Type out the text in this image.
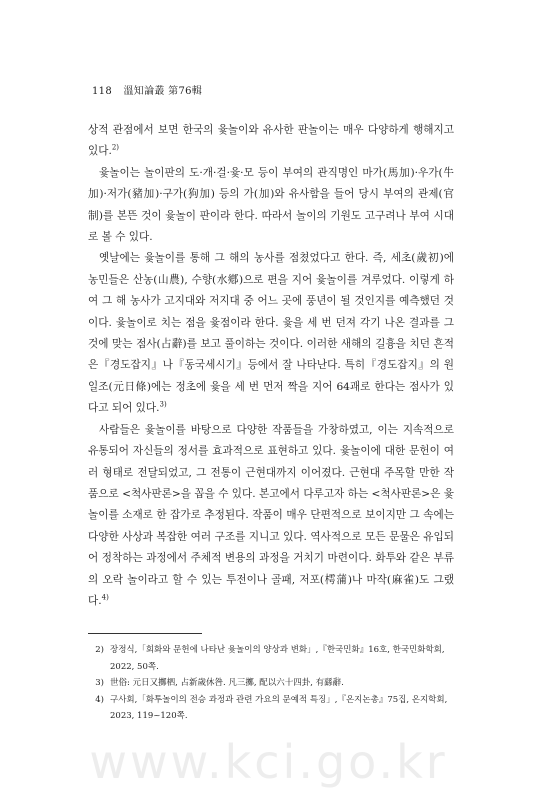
118 溫知論叢 第76輯

상적 관점에서 보면 한국의 윷놀이와 유사한 판놀이는 매우 다양하게 행해지고 있다.$^{2)}$

윷놀이는 놀이판의 도·개·걸·윷·모 등이 부여의 관직명인 마가(馬加)·우가(牛加)·저가(豬加)·구가(狗加) 등의 가(加)와 유사함을 들어 당시 부여의 관제(官制)를 본뜬 것이 윷놀이 판이라 한다. 따라서 놀이의 기원도 고구려나 부여 시대로 볼 수 있다.

옛날에는 윷놀이를 통해 그 해의 농사를 점쳤었다고 한다. 즉, 세초(歲初)에 농민들은 산농(山農), 수향(水鄕)으로 편을 지어 윷놀이를 겨루었다. 이렇게 하여 그 해 농사가 고지대와 저지대 중 어느 곳에 풍년이 될 것인지를 예측했던 것이다. 윷놀이로 치는 점을 윷점이라 한다. 윷을 세 번 던져 각기 나온 결과를 그것에 맞는 점사(占辭)를 보고 풀이하는 것이다. 이러한 새해의 길흉을 치던 흔적은『경도잡지』나『동국세시기』등에서 잘 나타난다. 특히『경도잡지』의 원일조(元日條)에는 정초에 윷을 세 번 먼저 짝을 지어 64괘로 한다는 점사가 있다고 되어 있다.$^{3)}$

사람들은 윷놀이를 바탕으로 다양한 작품들을 가창하였고, 이는 지속적으로 유통되어 자신들의 정서를 효과적으로 표현하고 있다. 윷놀이에 대한 문헌이 여러 형태로 전달되었고, 그 전통이 근현대까지 이어졌다. 근현대 주목할 만한 작품으로 <척사판론>을 꼽을 수 있다. 본고에서 다루고자 하는 <척사판론>은 윷놀이를 소재로 한 잡가로 추정된다. 작품이 매우 단편적으로 보이지만 그 속에는 다양한 사상과 복잡한 여러 구조를 지니고 있다. 역사적으로 모든 문물은 유입되어 정착하는 과정에서 주체적 변용의 과정을 거치기 마련이다. 화투와 같은 부류의 오락 놀이라고 할 수 있는 투전이나 골패, 저포(樗蒲)나 마작(麻雀)도 그랬다.$^{4)}$

2) 장정식,「회화와 문헌에 나타난 윷놀이의 양상과 변화」,『한국민화』16호, 한국민화학회, 2022, 50쪽.
3) 世俗: 元日又擲柶, 占新歲休咎. 凡三擲, 配以六十四卦, 有繇辭.
4) 구사회,「화투놀이의 전승 과정과 관련 가요의 문예적 특징」,『온지논총』75집, 온지학회, 2023, 119~120쪽.
www.kci.go.kr
